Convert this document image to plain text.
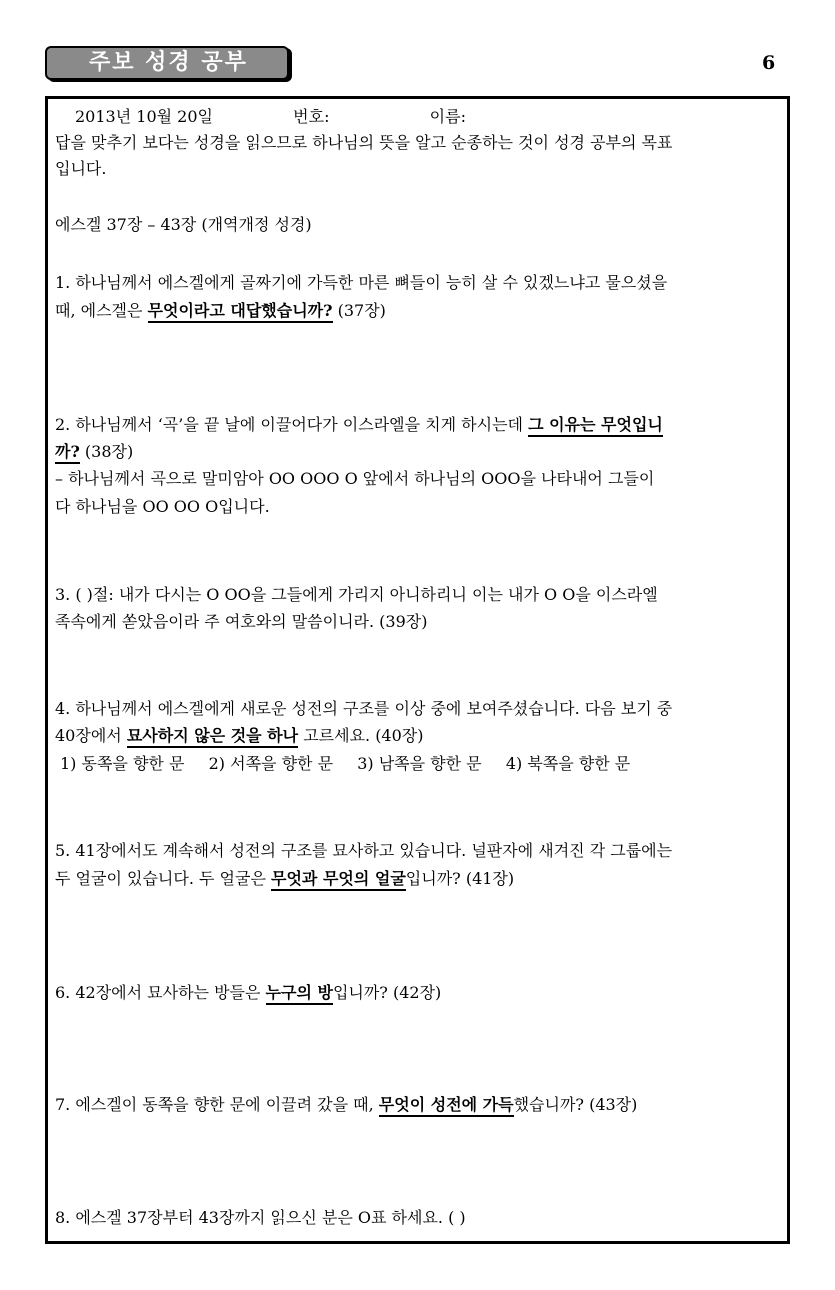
주보 성경 공부	6
2013년 10월 20일	번호:	이름:
답을 맞추기 보다는 성경을 읽으므로 하나님의 뜻을 알고 순종하는 것이 성경 공부의 목표
입니다.
에스겔 37장 – 43장 (개역개정 성경)
1. 하나님께서 에스겔에게 골짜기에 가득한 마른 뼈들이 능히 살 수 있겠느냐고 물으셨을
때, 에스겔은 무엇이라고 대답했습니까? (37장)
2. 하나님께서 ‘곡’을 끝 날에 이끌어다가 이스라엘을 치게 하시는데 그 이유는 무엇입니
까? (38장)
– 하나님께서 곡으로 말미암아 OO OOO O 앞에서 하나님의 OOO을 나타내어 그들이
다 하나님을 OO OO O입니다.
3. ( )절: 내가 다시는 O OO을 그들에게 가리지 아니하리니 이는 내가 O O을 이스라엘
족속에게 쏟았음이라 주 여호와의 말씀이니라. (39장)
4. 하나님께서 에스겔에게 새로운 성전의 구조를 이상 중에 보여주셨습니다. 다음 보기 중
40장에서 묘사하지 않은 것을 하나 고르세요. (40장)
1) 동쪽을 향한 문 2) 서쪽을 향한 문 3) 남쪽을 향한 문 4) 북쪽을 향한 문
5. 41장에서도 계속해서 성전의 구조를 묘사하고 있습니다. 널판자에 새겨진 각 그룹에는
두 얼굴이 있습니다. 두 얼굴은 무엇과 무엇의 얼굴입니까? (41장)
6. 42장에서 묘사하는 방들은 누구의 방입니까? (42장)
7. 에스겔이 동쪽을 향한 문에 이끌려 갔을 때, 무엇이 성전에 가득했습니까? (43장)
8. 에스겔 37장부터 43장까지 읽으신 분은 O표 하세요. ( )
